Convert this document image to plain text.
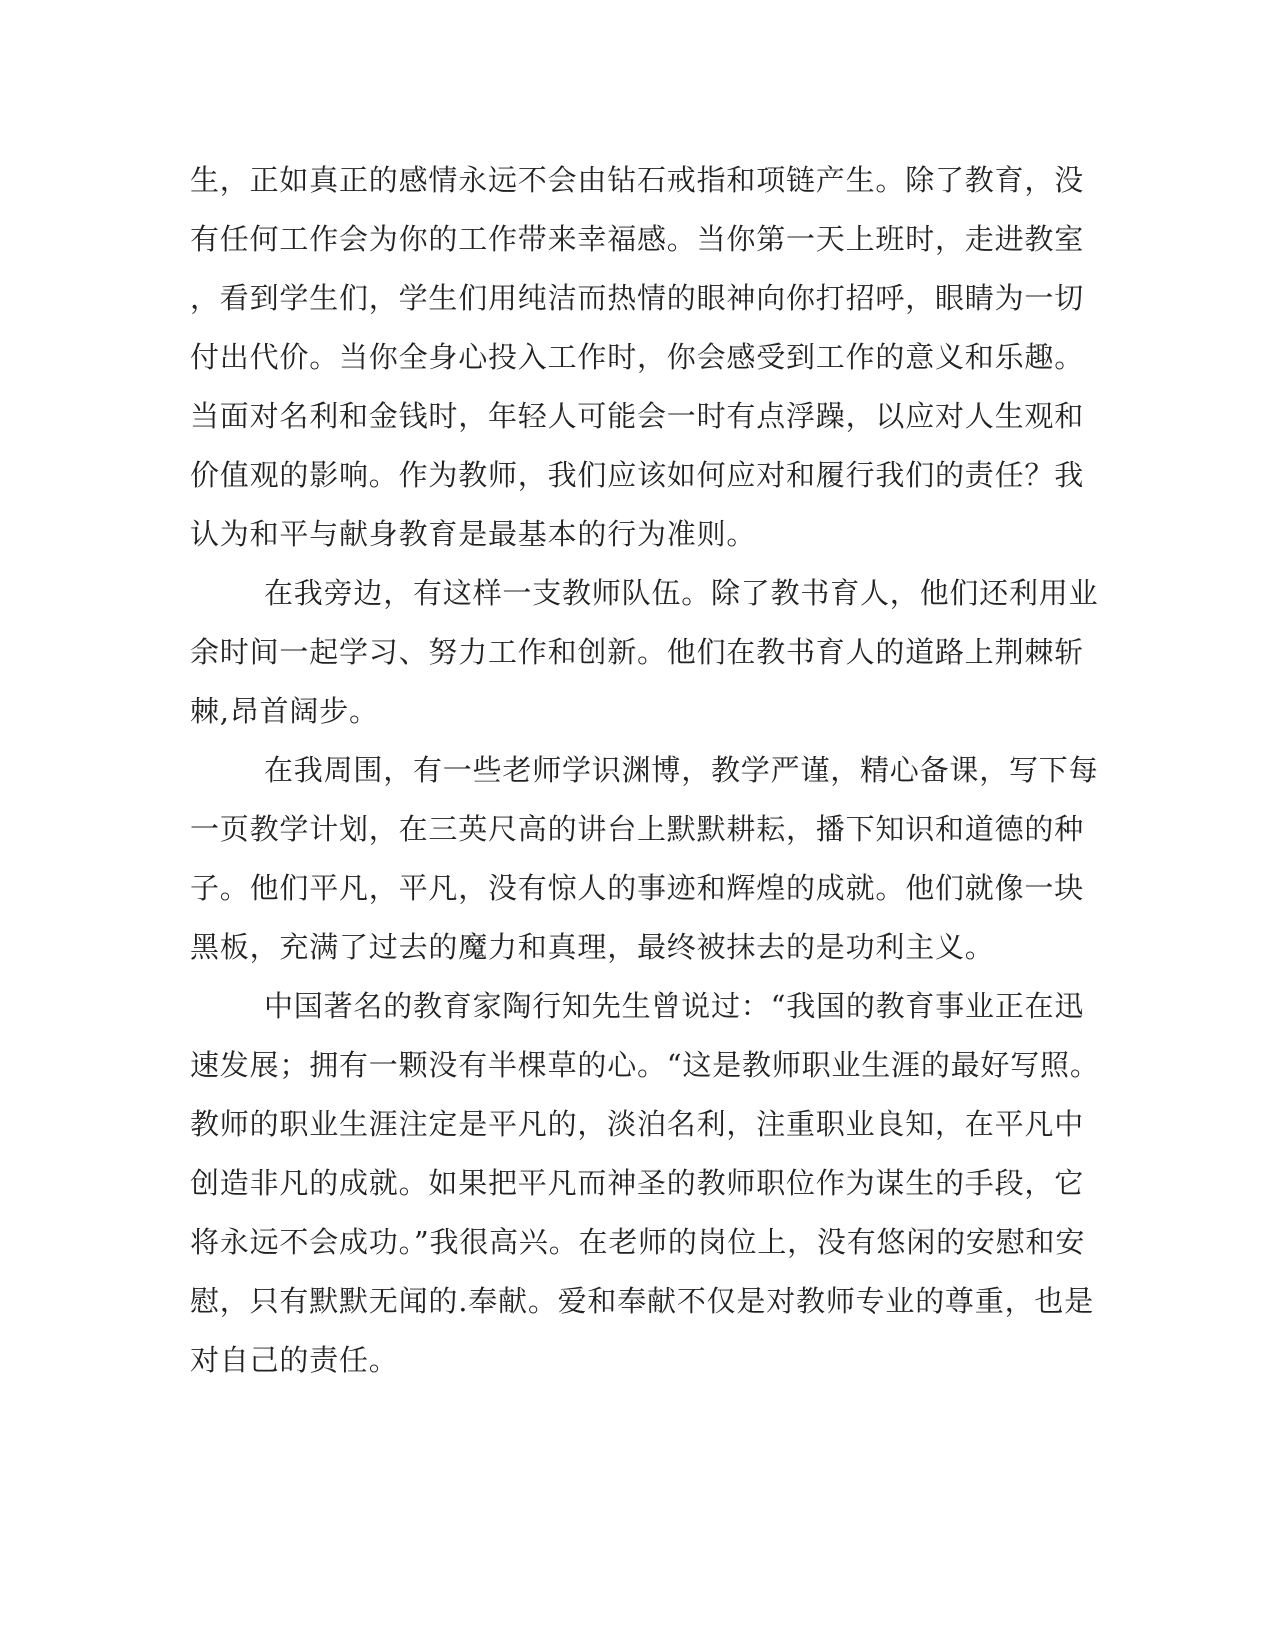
生，正如真正的感情永远不会由钻石戒指和项链产生。除了教育，没
有任何工作会为你的工作带来幸福感。当你第一天上班时，走进教室
，看到学生们，学生们用纯洁而热情的眼神向你打招呼，眼睛为一切
付出代价。当你全身心投入工作时，你会感受到工作的意义和乐趣。
当面对名利和金钱时，年轻人可能会一时有点浮躁，以应对人生观和
价值观的影响。作为教师，我们应该如何应对和履行我们的责任？我
认为和平与献身教育是最基本的行为准则。
在我旁边，有这样一支教师队伍。除了教书育人，他们还利用业
余时间一起学习、努力工作和创新。他们在教书育人的道路上荆棘斩
棘,昂首阔步。
在我周围，有一些老师学识渊博，教学严谨，精心备课，写下每
一页教学计划，在三英尺高的讲台上默默耕耘，播下知识和道德的种
子。他们平凡，平凡，没有惊人的事迹和辉煌的成就。他们就像一块
黑板，充满了过去的魔力和真理，最终被抹去的是功利主义。
中国著名的教育家陶行知先生曾说过：“我国的教育事业正在迅
速发展；拥有一颗没有半棵草的心。“这是教师职业生涯的最好写照。
教师的职业生涯注定是平凡的，淡泊名利，注重职业良知，在平凡中
创造非凡的成就。如果把平凡而神圣的教师职位作为谋生的手段，它
将永远不会成功。”我很高兴。在老师的岗位上，没有悠闲的安慰和安
慰，只有默默无闻的.奉献。爱和奉献不仅是对教师专业的尊重，也是
对自己的责任。
